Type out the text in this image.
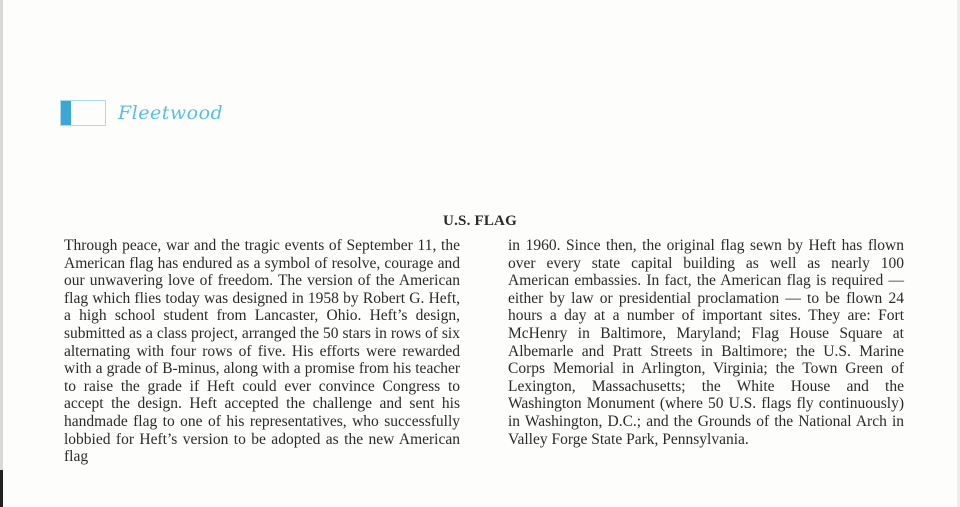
Fleetwood
U.S. FLAG
Through peace, war and the tragic events of September 11, the American flag has endured as a symbol of resolve, courage and our unwavering love of freedom. The version of the American flag which flies today was designed in 1958 by Robert G. Heft, a high school student from Lancaster, Ohio. Heft’s design, submitted as a class project, arranged the 50 stars in rows of six alternating with four rows of five. His efforts were rewarded with a grade of B-minus, along with a promise from his teacher to raise the grade if Heft could ever convince Congress to accept the design. Heft accepted the challenge and sent his handmade flag to one of his representatives, who successfully lobbied for Heft’s version to be adopted as the new American flag
in 1960. Since then, the original flag sewn by Heft has flown over every state capital building as well as nearly 100 American embassies. In fact, the American flag is required — either by law or presidential proclamation — to be flown 24 hours a day at a number of important sites. They are: Fort McHenry in Baltimore, Maryland; Flag House Square at Albemarle and Pratt Streets in Baltimore; the U.S. Marine Corps Memorial in Arlington, Virginia; the Town Green of Lexington, Massachusetts; the White House and the Washington Monument (where 50 U.S. flags fly continuously) in Washington, D.C.; and the Grounds of the National Arch in Valley Forge State Park, Pennsylvania.
